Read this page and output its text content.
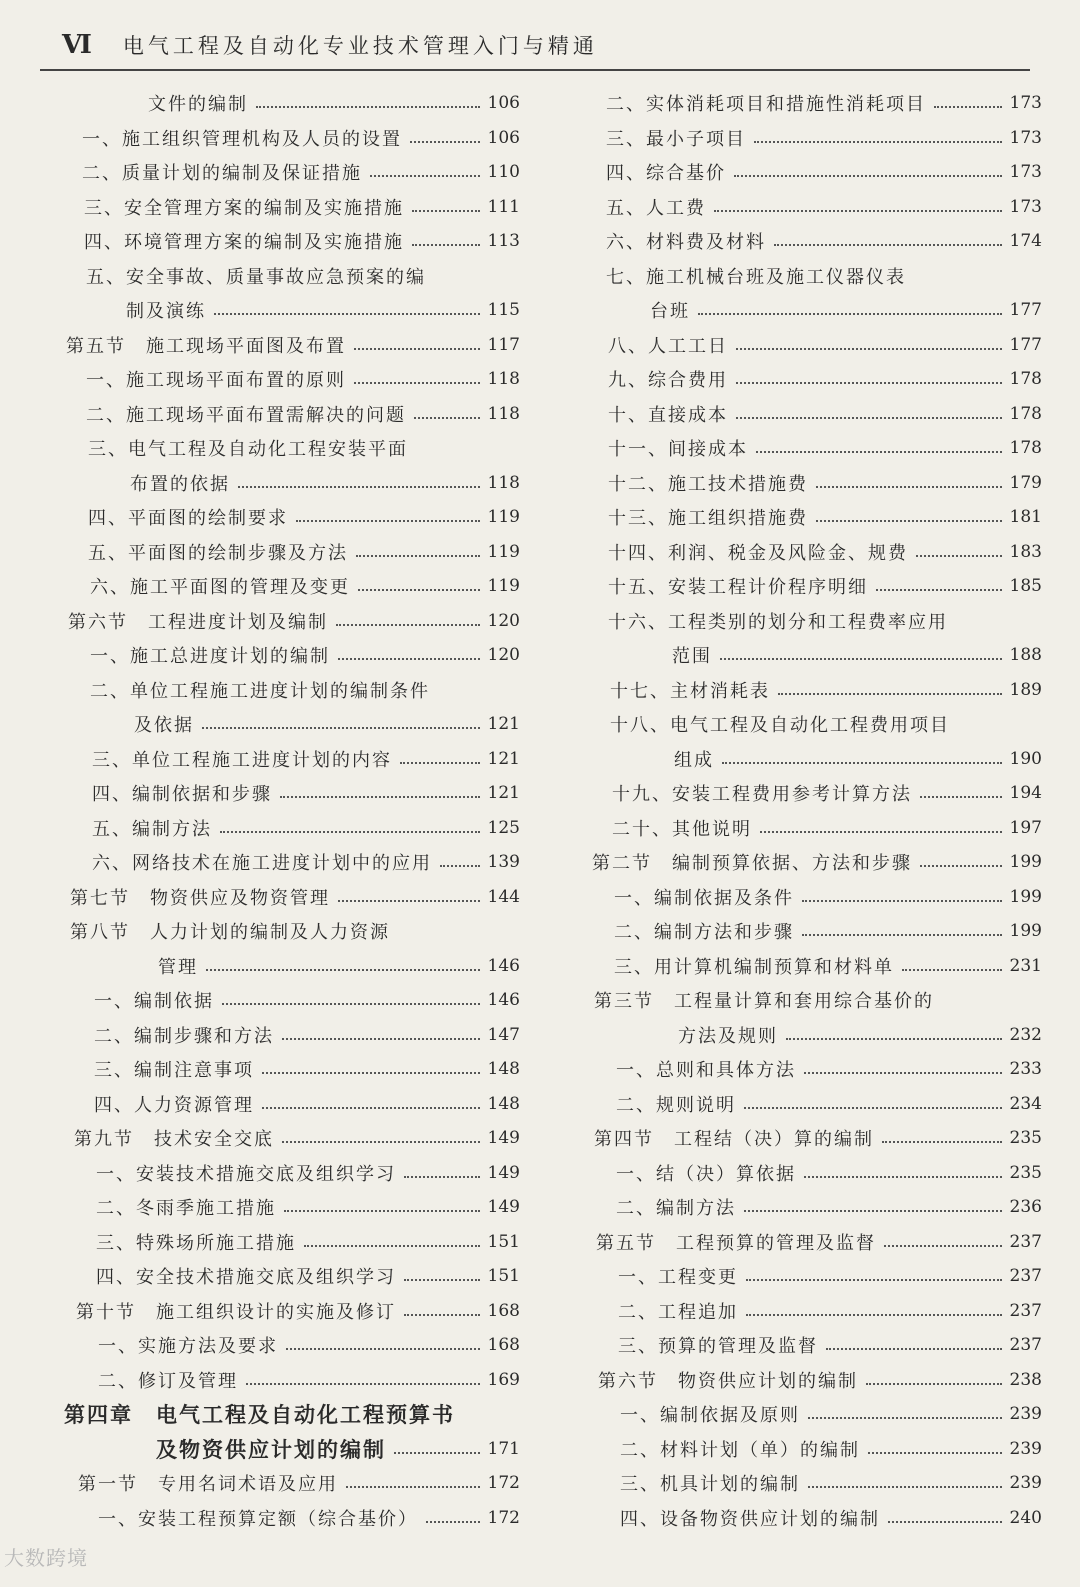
Ⅵ 电气工程及自动化专业技术管理入门与精通
文件的编制	106
一、施工组织管理机构及人员的设置	106
二、质量计划的编制及保证措施	110
三、安全管理方案的编制及实施措施	111
四、环境管理方案的编制及实施措施	113
五、安全事故、质量事故应急预案的编
制及演练	115
第五节　施工现场平面图及布置	117
一、施工现场平面布置的原则	118
二、施工现场平面布置需解决的问题	118
三、电气工程及自动化工程安装平面
布置的依据	118
四、平面图的绘制要求	119
五、平面图的绘制步骤及方法	119
六、施工平面图的管理及变更	119
第六节　工程进度计划及编制	120
一、施工总进度计划的编制	120
二、单位工程施工进度计划的编制条件
及依据	121
三、单位工程施工进度计划的内容	121
四、编制依据和步骤	121
五、编制方法	125
六、网络技术在施工进度计划中的应用	139
第七节　物资供应及物资管理	144
第八节　人力计划的编制及人力资源
管理	146
一、编制依据	146
二、编制步骤和方法	147
三、编制注意事项	148
四、人力资源管理	148
第九节　技术安全交底	149
一、安装技术措施交底及组织学习	149
二、冬雨季施工措施	149
三、特殊场所施工措施	151
四、安全技术措施交底及组织学习	151
第十节　施工组织设计的实施及修订	168
一、实施方法及要求	168
二、修订及管理	169
第四章　电气工程及自动化工程预算书
及物资供应计划的编制	171
第一节　专用名词术语及应用	172
一、安装工程预算定额（综合基价）	172
二、实体消耗项目和措施性消耗项目	173
三、最小子项目	173
四、综合基价	173
五、人工费	173
六、材料费及材料	174
七、施工机械台班及施工仪器仪表
台班	177
八、人工工日	177
九、综合费用	178
十、直接成本	178
十一、间接成本	178
十二、施工技术措施费	179
十三、施工组织措施费	181
十四、利润、税金及风险金、规费	183
十五、安装工程计价程序明细	185
十六、工程类别的划分和工程费率应用
范围	188
十七、主材消耗表	189
十八、电气工程及自动化工程费用项目
组成	190
十九、安装工程费用参考计算方法	194
二十、其他说明	197
第二节　编制预算依据、方法和步骤	199
一、编制依据及条件	199
二、编制方法和步骤	199
三、用计算机编制预算和材料单	231
第三节　工程量计算和套用综合基价的
方法及规则	232
一、总则和具体方法	233
二、规则说明	234
第四节　工程结（决）算的编制	235
一、结（决）算依据	235
二、编制方法	236
第五节　工程预算的管理及监督	237
一、工程变更	237
二、工程追加	237
三、预算的管理及监督	237
第六节　物资供应计划的编制	238
一、编制依据及原则	239
二、材料计划（单）的编制	239
三、机具计划的编制	239
四、设备物资供应计划的编制	240
大数跨境
